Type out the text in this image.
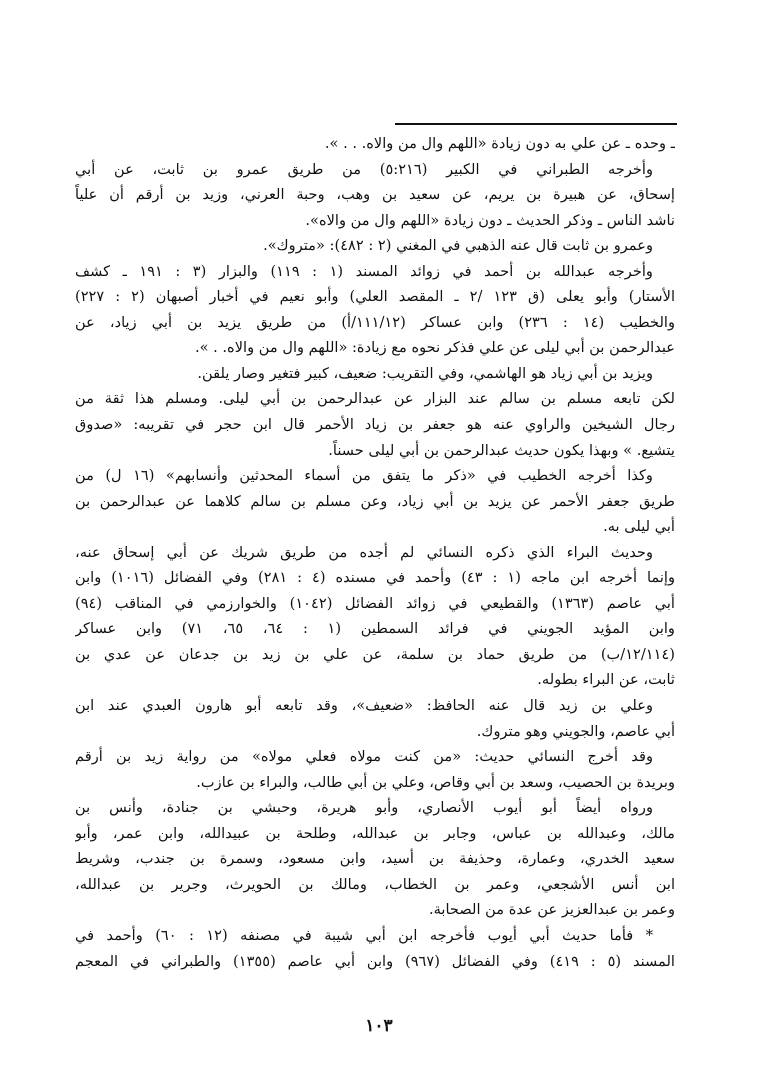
ـ وحده ـ عن علي به دون زيادة «اللهم وال من والاه. . . ».
وأخرجه الطبراني في الكبير (٥:٢١٦) من طريق عمرو بن ثابت، عن أبي
إسحاق، عن هبيرة بن يريم، عن سعيد بن وهب، وحبة العرني، وزيد بن أرقم أن علياً
ناشد الناس ـ وذكر الحديث ـ دون زيادة «اللهم وال من والاه».
وعمرو بن ثابت قال عنه الذهبي في المغني (٢ : ٤٨٢): «متروك».
وأخرجه عبدالله بن أحمد في زوائد المسند (١ : ١١٩) والبزار (٣ : ١٩١ ـ كشف
الأستار) وأبو يعلى (ق ١٢٣ /٢ ـ المقصد العلي) وأبو نعيم في أخبار أصبهان (٢ : ٢٢٧)
والخطيب (١٤ : ٢٣٦) وابن عساكر (١١١/١٢/أ) من طريق يزيد بن أبي زياد، عن
عبدالرحمن بن أبي ليلى عن علي فذكر نحوه مع زيادة: «اللهم وال من والاه. . ».
ويزيد بن أبي زياد هو الهاشمي، وفي التقريب: ضعيف، كبير فتغير وصار يلقن.
لكن تابعه مسلم بن سالم عند البزار عن عبدالرحمن بن أبي ليلى. ومسلم هذا ثقة من
رجال الشيخين والراوي عنه هو جعفر بن زياد الأحمر قال ابن حجر في تقريبه: «صدوق
يتشيع. » وبهذا يكون حديث عبدالرحمن بن أبي ليلى حسناً.
وكذا أخرجه الخطيب في «ذكر ما يتفق من أسماء المحدثين وأنسابهم» (١٦ ل) من
طريق جعفر الأحمر عن يزيد بن أبي زياد، وعن مسلم بن سالم كلاهما عن عبدالرحمن بن
أبي ليلى به.
وحديث البراء الذي ذكره النسائي لم أجده من طريق شريك عن أبي إسحاق عنه،
وإنما أخرجه ابن ماجه (١ : ٤٣) وأحمد في مسنده (٤ : ٢٨١) وفي الفضائل (١٠١٦) وابن
أبي عاصم (١٣٦٣) والقطيعي في زوائد الفضائل (١٠٤٢) والخوارزمي في المناقب (٩٤)
وابن المؤيد الجويني في فرائد السمطين (١ : ٦٤، ٦٥، ٧١) وابن عساكر
(١٢/١١٤/ب) من طريق حماد بن سلمة، عن علي بن زيد بن جدعان عن عدي بن
ثابت، عن البراء بطوله.
وعلي بن زيد قال عنه الحافظ: «ضعيف»، وقد تابعه أبو هارون العبدي عند ابن
أبي عاصم، والجويني وهو متروك.
وقد أخرج النسائي حديث: «من كنت مولاه فعلي مولاه» من رواية زيد بن أرقم
وبريدة بن الحصيب، وسعد بن أبي وقاص، وعلي بن أبي طالب، والبراء بن عازب.
ورواه أيضاً أبو أيوب الأنصاري، وأبو هريرة، وحبشي بن جنادة، وأنس بن
مالك، وعبدالله بن عباس، وجابر بن عبدالله، وطلحة بن عبيدالله، وابن عمر، وأبو
سعيد الخدري، وعمارة، وحذيفة بن أسيد، وابن مسعود، وسمرة بن جندب، وشريط
ابن أنس الأشجعي، وعمر بن الخطاب، ومالك بن الحويرث، وجرير بن عبدالله،
وعمر بن عبدالعزيز عن عدة من الصحابة.
* فأما حديث أبي أيوب فأخرجه ابن أبي شيبة في مصنفه (١٢ : ٦٠) وأحمد في
المسند (٥ : ٤١٩) وفي الفضائل (٩٦٧) وابن أبي عاصم (١٣٥٥) والطبراني في المعجم
١٠٣
